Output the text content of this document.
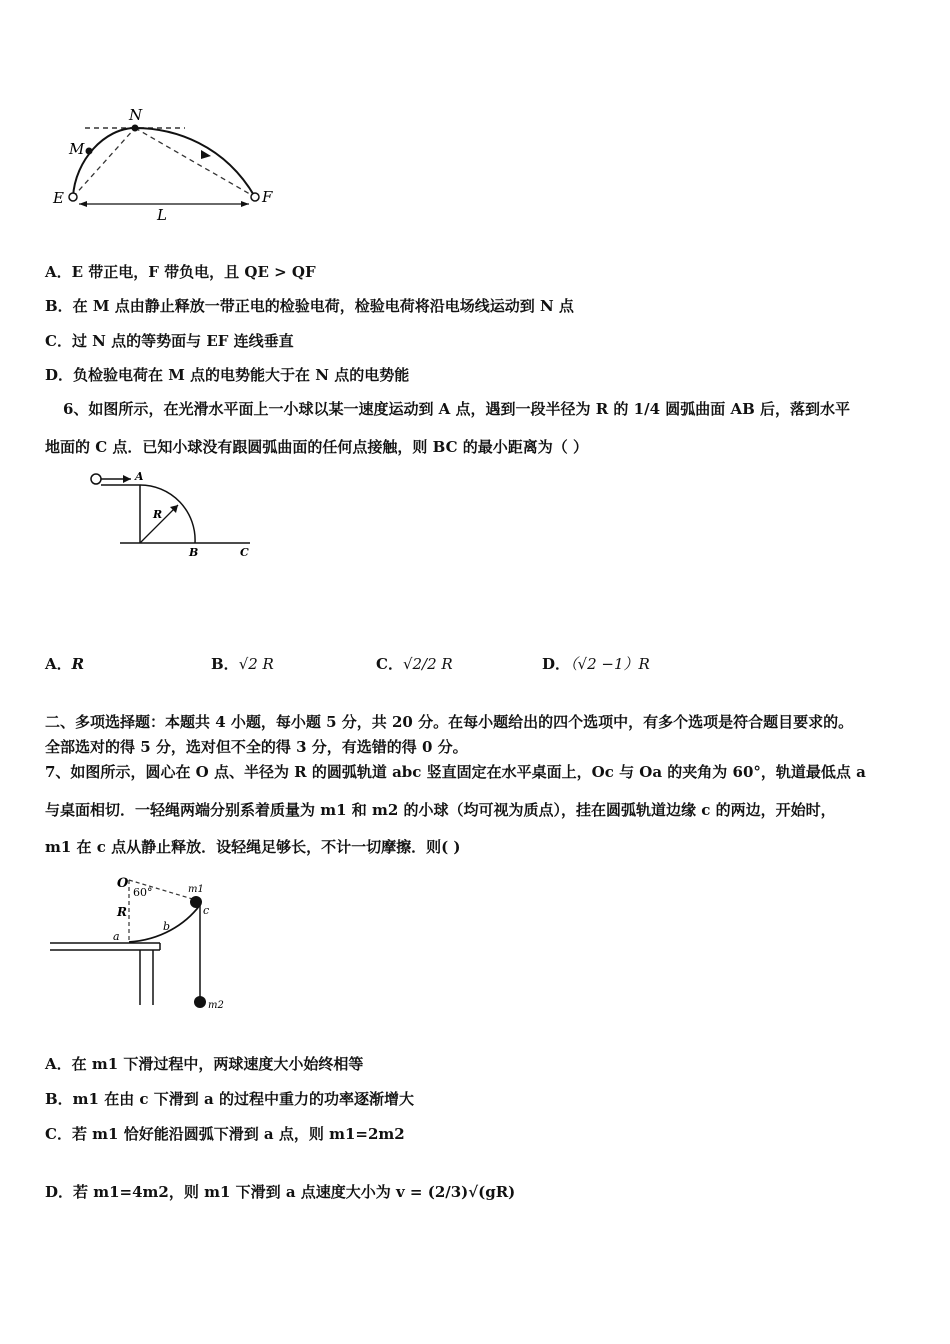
N
M
E	F
L
A．E 带正电，F 带负电，且 QE > QF
B．在 M 点由静止释放一带正电的检验电荷，检验电荷将沿电场线运动到 N 点
C．过 N 点的等势面与 EF 连线垂直
D．负检验电荷在 M 点的电势能大于在 N 点的电势能
6、如图所示，在光滑水平面上一小球以某一速度运动到 A 点，遇到一段半径为 R 的 1/4 圆弧曲面 AB 后，落到水平
地面的 C 点．已知小球没有跟圆弧曲面的任何点接触，则 BC 的最小距离为（ ）
A
R
B	C
A．R	B．√2 R	C．√2/2 R	D．（√2 −1）R
二、多项选择题：本题共 4 小题，每小题 5 分，共 20 分。在每小题给出的四个选项中，有多个选项是符合题目要求的。
全部选对的得 5 分，选对但不全的得 3 分，有选错的得 0 分。
7、如图所示，圆心在 O 点、半径为 R 的圆弧轨道 abc 竖直固定在水平桌面上，Oc 与 Oa 的夹角为 60°，轨道最低点 a
与桌面相切．一轻绳两端分别系着质量为 m1 和 m2 的小球（均可视为质点），挂在圆弧轨道边缘 c 的两边，开始时，
m1 在 c 点从静止释放．设轻绳足够长，不计一切摩擦．则( )
O
60°
R
a
b
c
m1
m2
A．在 m1 下滑过程中，两球速度大小始终相等
B．m1 在由 c 下滑到 a 的过程中重力的功率逐渐增大
C．若 m1 恰好能沿圆弧下滑到 a 点，则 m1=2m2
D．若 m1=4m2，则 m1 下滑到 a 点速度大小为 v = (2/3)√(gR)
